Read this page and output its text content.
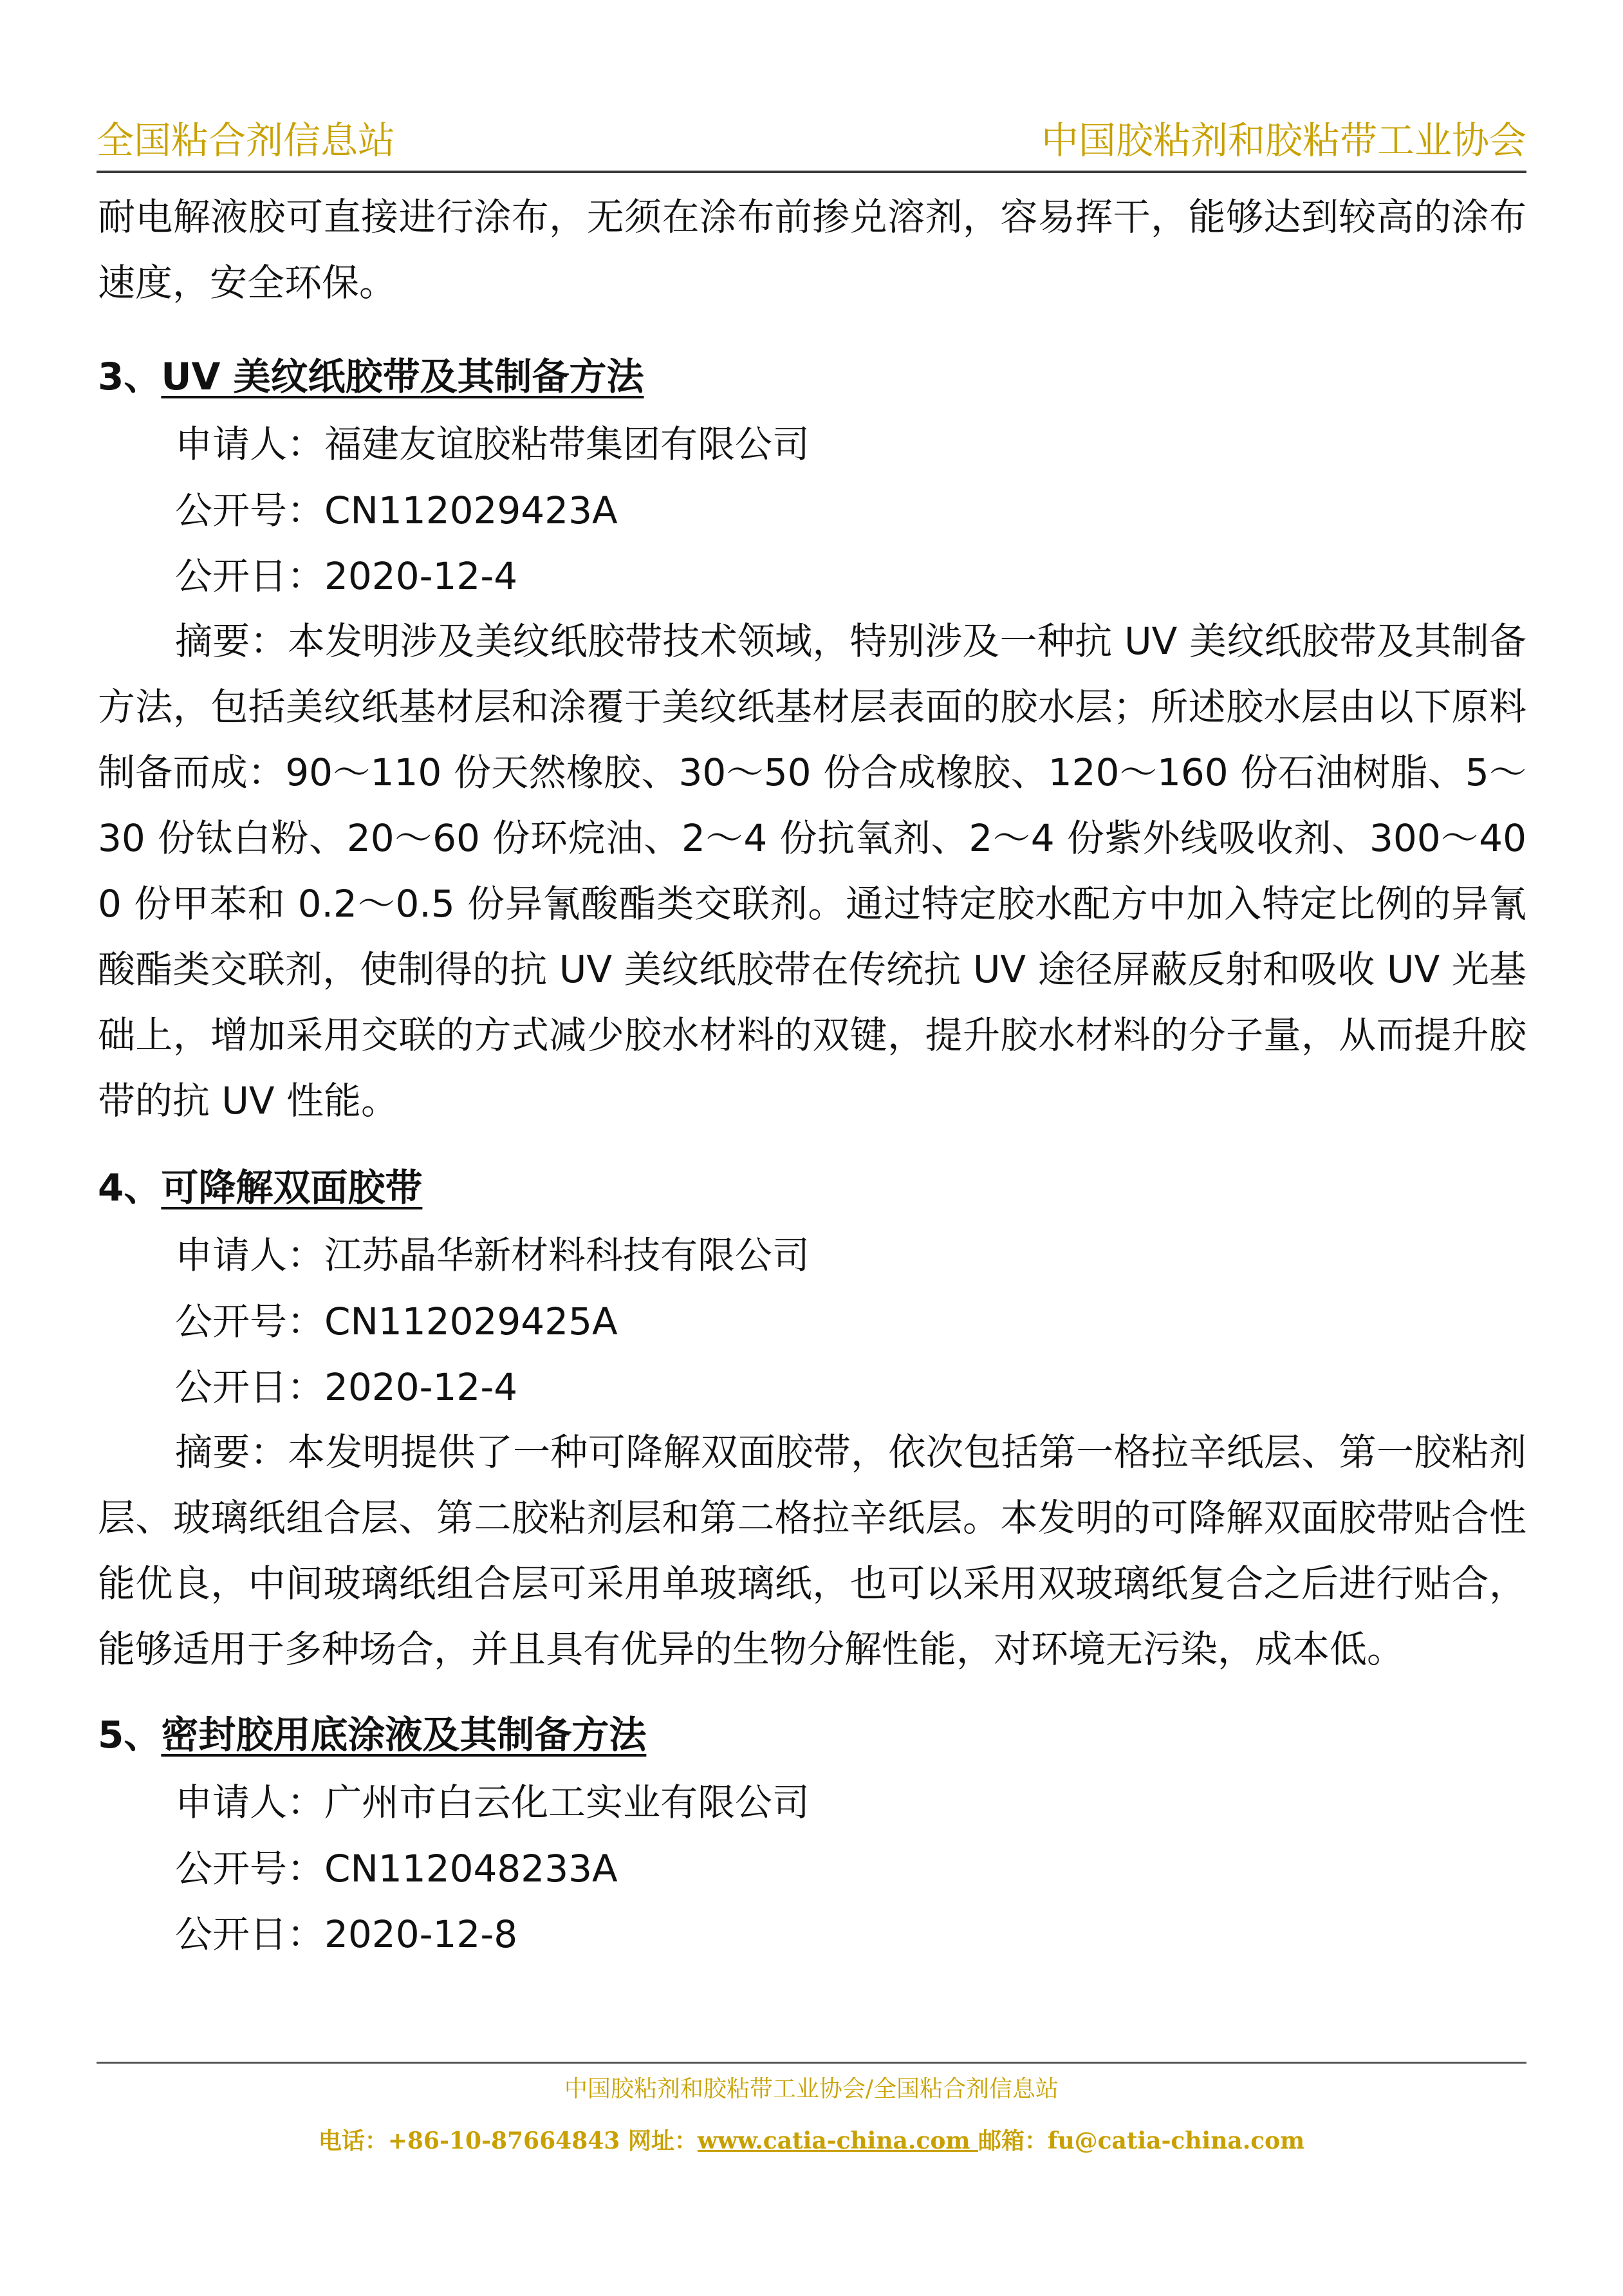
全国粘合剂信息站	中国胶粘剂和胶粘带工业协会
耐电解液胶可直接进行涂布，无须在涂布前掺兑溶剂，容易挥干，能够达到较高的涂布速度，安全环保。
3、UV 美纹纸胶带及其制备方法
申请人：福建友谊胶粘带集团有限公司
公开号：CN112029423A
公开日：2020-12-4
摘要：本发明涉及美纹纸胶带技术领域，特别涉及一种抗 UV 美纹纸胶带及其制备方法，包括美纹纸基材层和涂覆于美纹纸基材层表面的胶水层；所述胶水层由以下原料制备而成：90～110 份天然橡胶、30～50 份合成橡胶、120～160 份石油树脂、5～30 份钛白粉、20～60 份环烷油、2～4 份抗氧剂、2～4 份紫外线吸收剂、300～400 份甲苯和 0.2～0.5 份异氰酸酯类交联剂。通过特定胶水配方中加入特定比例的异氰酸酯类交联剂，使制得的抗 UV 美纹纸胶带在传统抗 UV 途径屏蔽反射和吸收 UV 光基础上，增加采用交联的方式减少胶水材料的双键，提升胶水材料的分子量，从而提升胶带的抗 UV 性能。
4、可降解双面胶带
申请人：江苏晶华新材料科技有限公司
公开号：CN112029425A
公开日：2020-12-4
摘要：本发明提供了一种可降解双面胶带，依次包括第一格拉辛纸层、第一胶粘剂层、玻璃纸组合层、第二胶粘剂层和第二格拉辛纸层。本发明的可降解双面胶带贴合性能优良，中间玻璃纸组合层可采用单玻璃纸，也可以采用双玻璃纸复合之后进行贴合，能够适用于多种场合，并且具有优异的生物分解性能，对环境无污染，成本低。
5、密封胶用底涂液及其制备方法
申请人：广州市白云化工实业有限公司
公开号：CN112048233A
公开日：2020-12-8
中国胶粘剂和胶粘带工业协会/全国粘合剂信息站
电话：+86-10-87664843 网址：www.catia-china.com 邮箱：fu@catia-china.com
